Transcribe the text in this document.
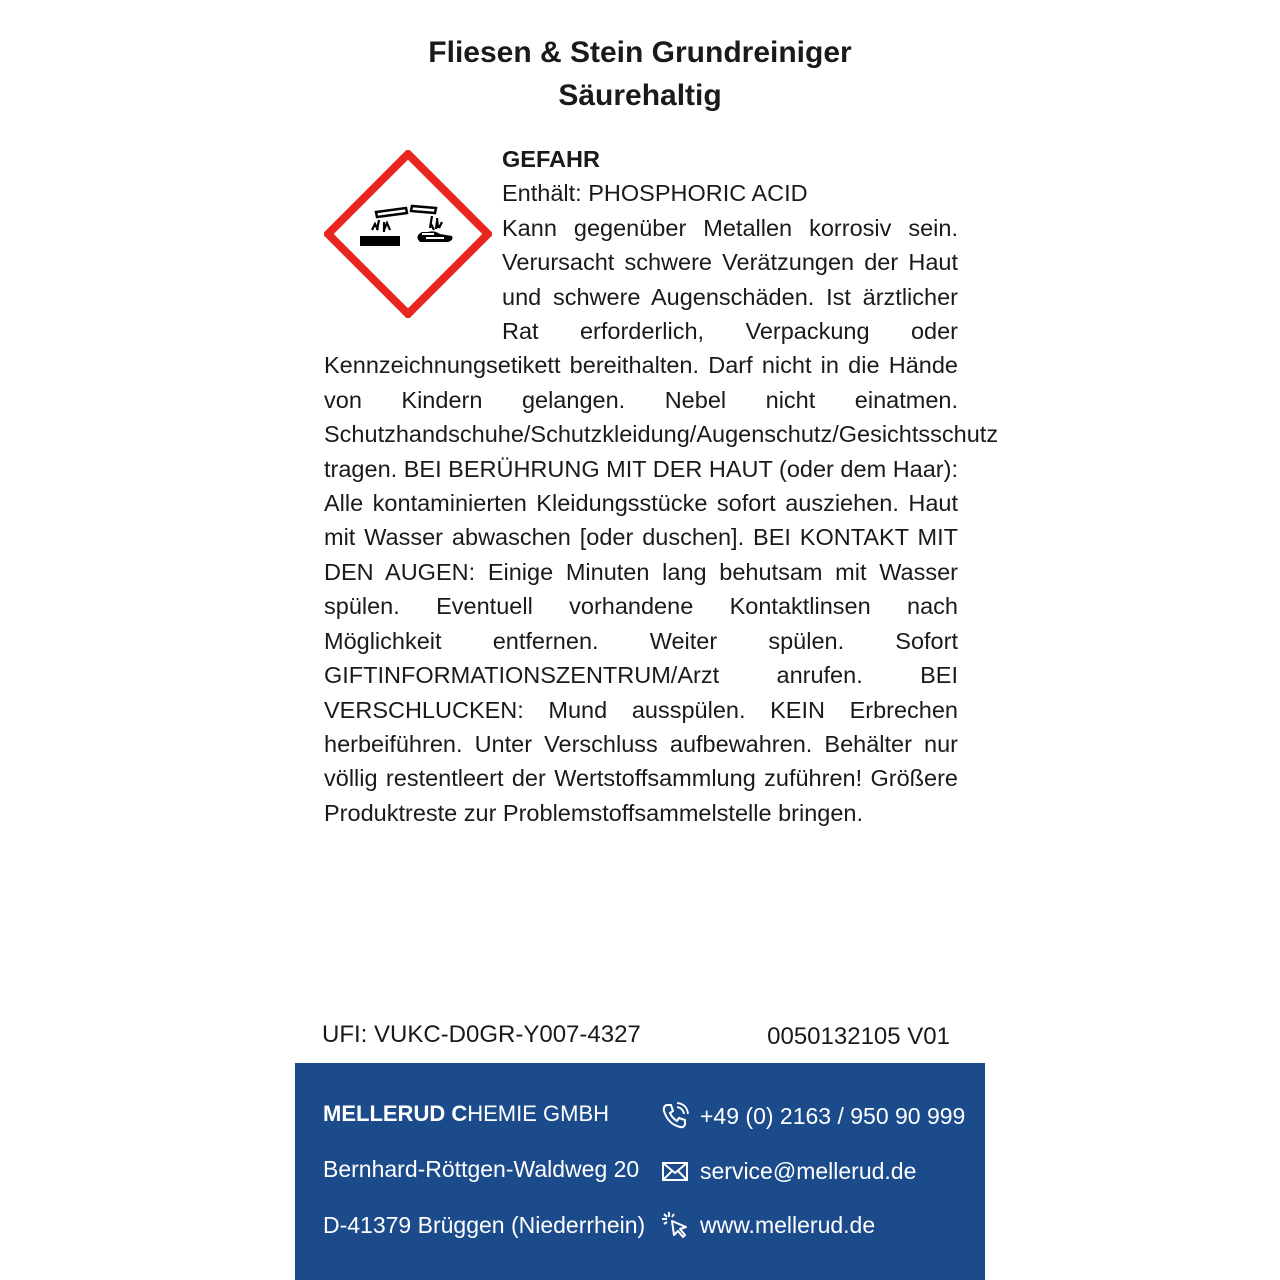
Fliesen & Stein Grundreiniger
Säurehaltig
GEFAHR
Enthält: PHOSPHORIC ACID
Kann gegenüber Metallen korrosiv sein. Verursacht schwere Verätzungen der Haut und schwere Augenschäden. Ist ärztlicher Rat erforderlich, Verpackung oder Kennzeichnungsetikett bereithalten. Darf nicht in die Hände von Kindern gelangen. Nebel nicht einatmen. Schutzhandschuhe/Schutzkleidung/Augenschutz/Gesichtsschutz tragen. BEI BERÜHRUNG MIT DER HAUT (oder dem Haar): Alle kontaminierten Kleidungsstücke sofort ausziehen. Haut mit Wasser abwaschen [oder duschen]. BEI KONTAKT MIT DEN AUGEN: Einige Minuten lang behutsam mit Wasser spülen. Eventuell vorhandene Kontaktlinsen nach Möglichkeit entfernen. Weiter spülen. Sofort GIFTINFORMATIONSZENTRUM/Arzt anrufen. BEI VERSCHLUCKEN: Mund ausspülen. KEIN Erbrechen herbeiführen. Unter Verschluss aufbewahren. Behälter nur völlig restentleert der Wertstoffsammlung zuführen! Größere Produktreste zur Problemstoffsammelstelle bringen.
UFI: VUKC-D0GR-Y007-4327	0050132105 V01
MELLERUD CHEMIE GMBH
Bernhard-Röttgen-Waldweg 20
D-41379 Brüggen (Niederrhein)
+49 (0) 2163 / 950 90 999
service@mellerud.de
www.mellerud.de
